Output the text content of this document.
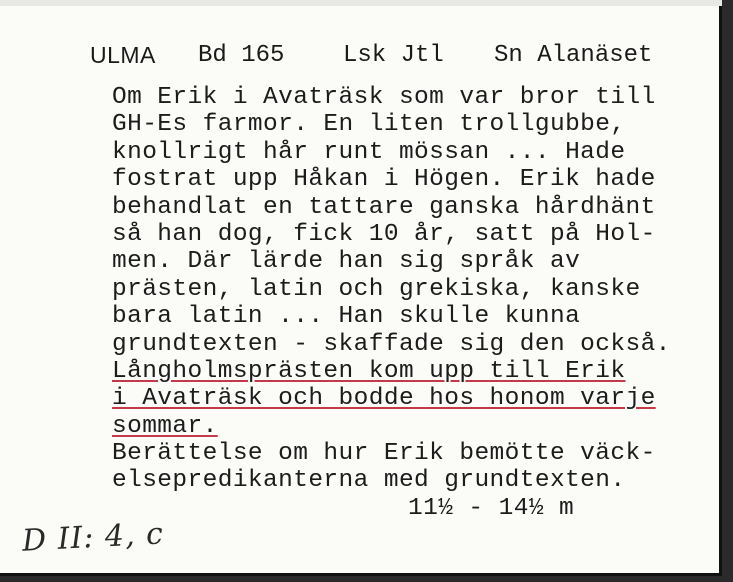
ULMA Bd 165 Lsk Jtl Sn Alanäset
Om Erik i Avaträsk som var bror till
GH-Es farmor. En liten trollgubbe,
knollrigt hår runt mössan ... Hade
fostrat upp Håkan i Högen. Erik hade
behandlat en tattare ganska hårdhänt
så han dog, fick 10 år, satt på Hol-
men. Där lärde han sig språk av
prästen, latin och grekiska, kanske
bara latin ... Han skulle kunna
grundtexten - skaffade sig den också.
Långholmsprästen kom upp till Erik
i Avaträsk och bodde hos honom varje
sommar.
Berättelse om hur Erik bemötte väck-
elsepredikanterna med grundtexten.
11½ - 14½ m
D II: 4, c
